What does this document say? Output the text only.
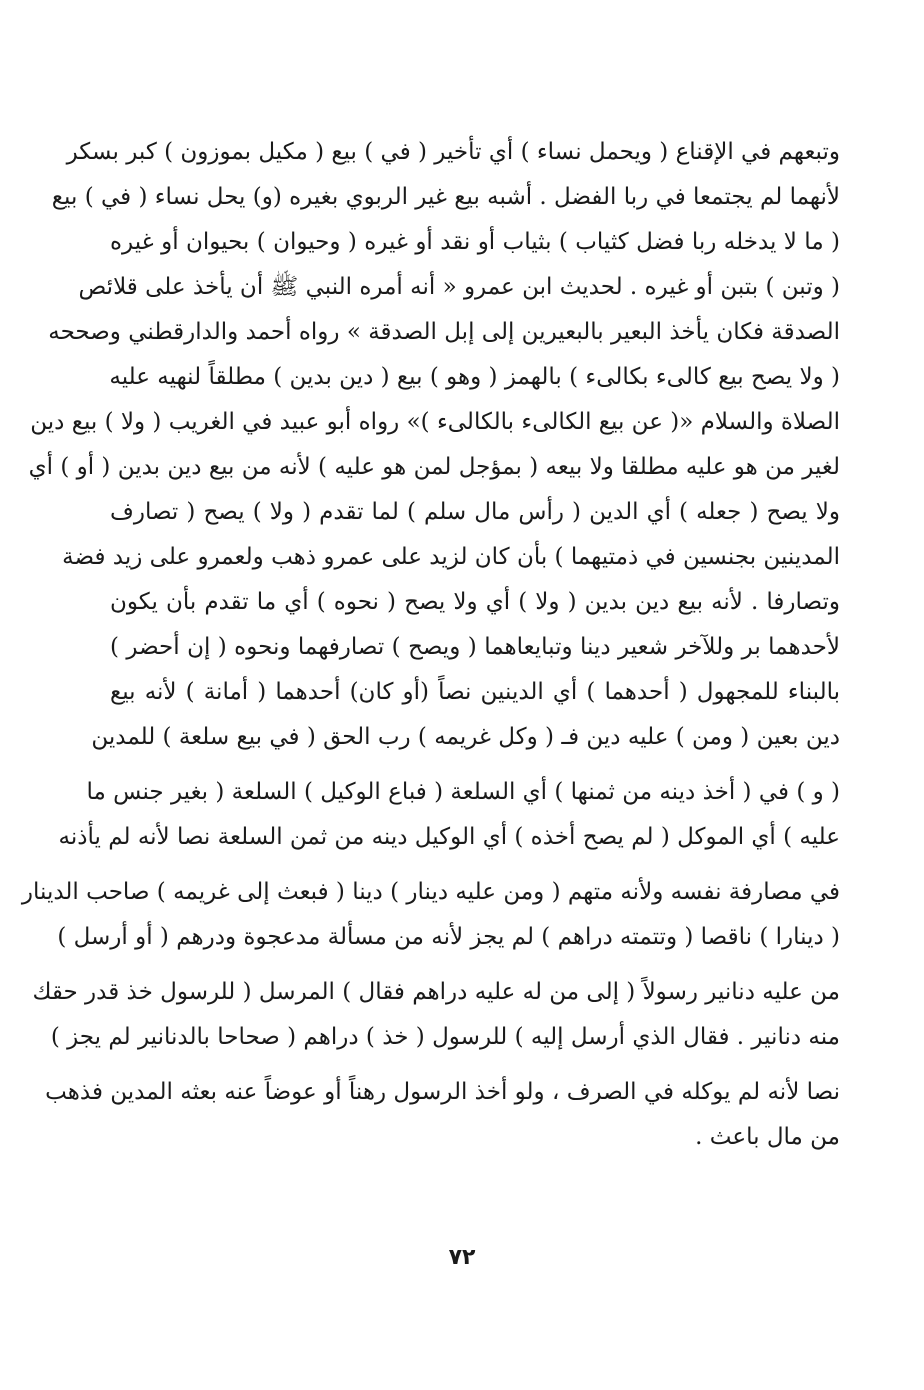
وتبعهم في الإقناع ( ويحمل نساء ) أي تأخير ( في ) بيع ( مكيل بموزون ) كبر بسكر
لأنهما لم يجتمعا في ربا الفضل . أشبه بيع غير الربوي بغيره (و) يحل نساء ( في ) بيع
( ما لا يدخله ربا فضل كثياب ) بثياب أو نقد أو غيره ( وحيوان ) بحيوان أو غيره
( وتبن ) بتبن أو غيره . لحديث ابن عمرو « أنه أمره النبي ﷺ أن يأخذ على قلائص
الصدقة فكان يأخذ البعير بالبعيرين إلى إبل الصدقة » رواه أحمد والدارقطني وصححه
( ولا يصح بيع كالىء بكالىء ) بالهمز ( وهو ) بيع ( دين بدين ) مطلقاً لنهيه عليه
الصلاة والسلام «( عن بيع الكالىء بالكالىء )» رواه أبو عبيد في الغريب ( ولا ) بيع دين
لغير من هو عليه مطلقا ولا بيعه ( بمؤجل لمن هو عليه ) لأنه من بيع دين بدين ( أو ) أي
ولا يصح ( جعله ) أي الدين ( رأس مال سلم ) لما تقدم ( ولا ) يصح ( تصارف
المدينين بجنسين في ذمتيهما ) بأن كان لزيد على عمرو ذهب ولعمرو على زيد فضة
وتصارفا . لأنه بيع دين بدين ( ولا ) أي ولا يصح ( نحوه ) أي ما تقدم بأن يكون
لأحدهما بر وللآخر شعير دينا وتبايعاهما ( ويصح ) تصارفهما ونحوه ( إن أحضر )
بالبناء للمجهول ( أحدهما ) أي الدينين نصاً (أو كان) أحدهما ( أمانة ) لأنه بيع
دين بعين ( ومن ) عليه دين فـ ( وكل غريمه ) رب الحق ( في بيع سلعة ) للمدين
( و ) في ( أخذ دينه من ثمنها ) أي السلعة ( فباع الوكيل ) السلعة ( بغير جنس ما
عليه ) أي الموكل ( لم يصح أخذه ) أي الوكيل دينه من ثمن السلعة نصا لأنه لم يأذنه
في مصارفة نفسه ولأنه متهم ( ومن عليه دينار ) دينا ( فبعث إلى غريمه ) صاحب الدينار
( دينارا ) ناقصا ( وتتمته دراهم ) لم يجز لأنه من مسألة مدعجوة ودرهم ( أو أرسل )
من عليه دنانير رسولاً ( إلى من له عليه دراهم فقال ) المرسل ( للرسول خذ قدر حقك
منه دنانير . فقال الذي أرسل إليه ) للرسول ( خذ ) دراهم ( صحاحا بالدنانير لم يجز )
نصا لأنه لم يوكله في الصرف ، ولو أخذ الرسول رهناً أو عوضاً عنه بعثه المدين فذهب
من مال باعث .
٧٢
